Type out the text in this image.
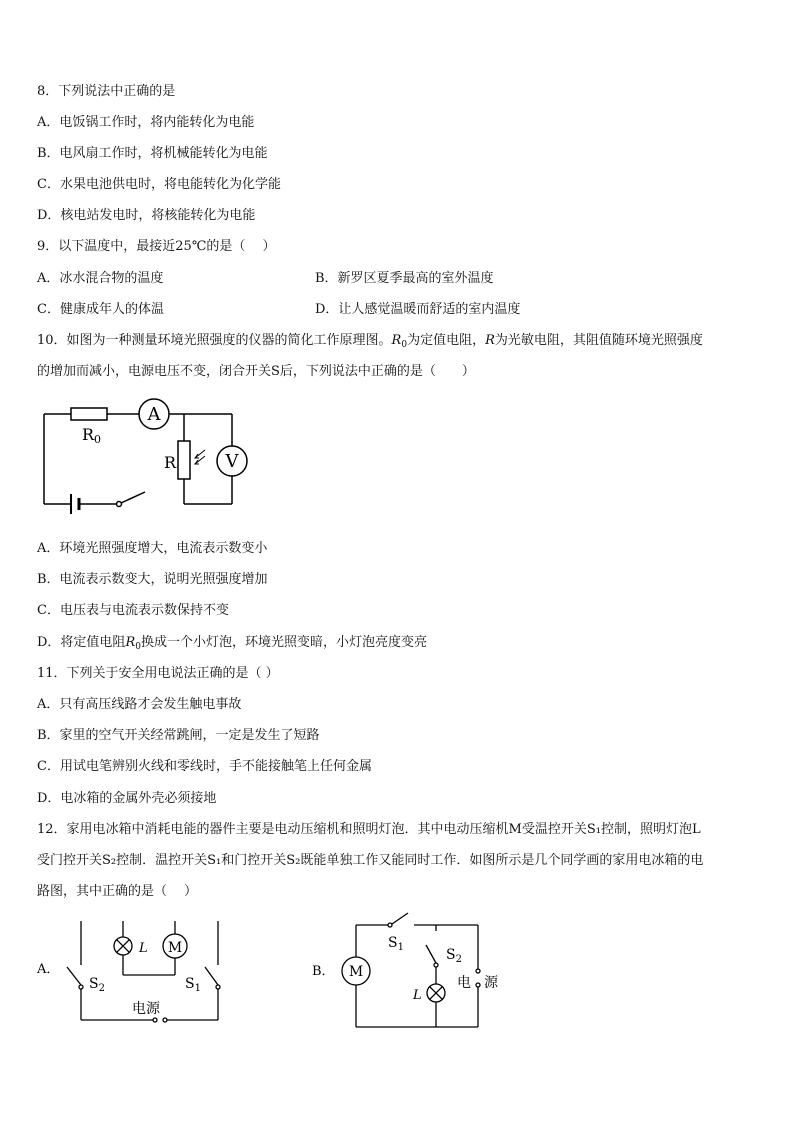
8．下列说法中正确的是
A．电饭锅工作时，将内能转化为电能
B．电风扇工作时，将机械能转化为电能
C．水果电池供电时，将电能转化为化学能
D．核电站发电时，将核能转化为电能
9．以下温度中，最接近25℃的是（　 ）
A．冰水混合物的温度	B．新罗区夏季最高的室外温度
C．健康成年人的体温	D．让人感觉温暖而舒适的室内温度
10．如图为一种测量环境光照强度的仪器的简化工作原理图。$R_0$为定值电阻，R为光敏电阻，其阻值随环境光照强度
的增加而减小，电源电压不变，闭合开关S后，下列说法中正确的是（　　）
R0
A
R	V
A．环境光照强度增大，电流表示数变小
B．电流表示数变大，说明光照强度增加
C．电压表与电流表示数保持不变
D．将定值电阻$R_0$换成一个小灯泡，环境光照变暗，小灯泡亮度变亮
11．下列关于安全用电说法正确的是（ ）
A．只有高压线路才会发生触电事故
B．家里的空气开关经常跳闸，一定是发生了短路
C．用试电笔辨别火线和零线时，手不能接触笔上任何金属
D．电冰箱的金属外壳必须接地
12．家用电冰箱中消耗电能的器件主要是电动压缩机和照明灯泡．其中电动压缩机M受温控开关S₁控制，照明灯泡L
受门控开关S₂控制．温控开关S₁和门控开关S₂既能单独工作又能同时工作．如图所示是几个同学画的家用电冰箱的电
路图，其中正确的是（　 ）
A．
L M
$S_2$	$S_1$
电源
B． M
$S_1$	$S_2$
L
电 源
